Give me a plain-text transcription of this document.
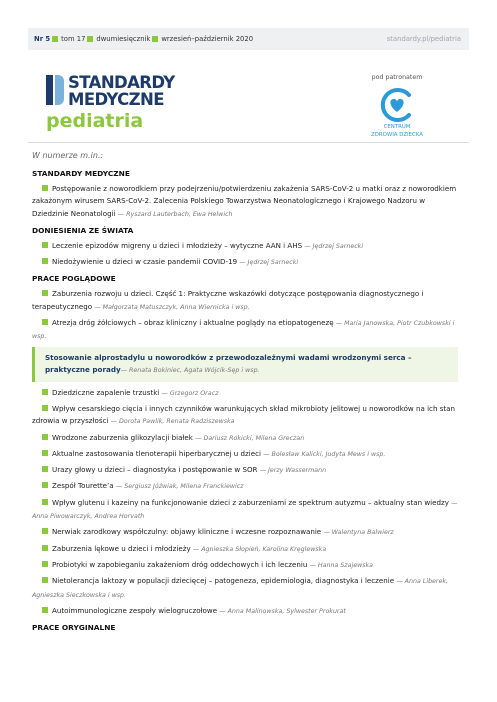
Nr 5 tom 17 dwumiesięcznik wrzesień–październik 2020	standardy.pl/pediatria
STANDARDY
MEDYCZNE
pediatria
pod patronatem
CENTRUM
ZDROWIA DZIECKA
W numerze m.in.:
STANDARDY MEDYCZNE
Postępowanie z noworodkiem przy podejrzeniu/potwierdzeniu zakażenia SARS-CoV-2 u matki oraz z noworodkiem zakażonym wirusem SARS-CoV-2. Zalecenia Polskiego Towarzystwa Neonatologicznego i Krajowego Nadzoru w Dziedzinie Neonatologii — Ryszard Lauterbach, Ewa Helwich
DONIESIENIA ZE ŚWIATA
Leczenie epizodów migreny u dzieci i młodzieży – wytyczne AAN i AHS — Jędrzej Sarnecki
Niedożywienie u dzieci w czasie pandemii COVID-19 — Jędrzej Sarnecki
PRACE POGLĄDOWE
Zaburzenia rozwoju u dzieci. Część 1: Praktyczne wskazówki dotyczące postępowania diagnostycznego i terapeutycznego — Małgorzata Matuszczyk, Anna Wiernicka i wsp.
Atrezja dróg żółciowych – obraz kliniczny i aktualne poglądy na etiopatogenezę — Maria Janowska, Piotr Czubkowski i wsp.
Stosowanie alprostadylu u noworodków z przewodozależnymi wadami wrodzonymi serca – praktyczne porady— Renata Bokiniec, Agata Wójcik-Sęp i wsp.
Dziedziczne zapalenie trzustki — Grzegorz Oracz
Wpływ cesarskiego cięcia i innych czynników warunkujących skład mikrobioty jelitowej u noworodków na ich stan zdrowia w przyszłości — Dorota Pawlik, Renata Radziszewska
Wrodzone zaburzenia glikozylacji białek — Dariusz Rokicki, Milena Greczan
Aktualne zastosowania tlenoterapii hiperbarycznej u dzieci — Bolesław Kalicki, Judyta Mews i wsp.
Urazy głowy u dzieci – diagnostyka i postępowanie w SOR — Jerzy Wassermann
Zespół Tourette’a — Sergiusz Jóźwiak, Milena Franckiewicz
Wpływ glutenu i kazeiny na funkcjonowanie dzieci z zaburzeniami ze spektrum autyzmu – aktualny stan wiedzy — Anna Piwowarczyk, Andrea Horvath
Nerwiak zarodkowy współczulny: objawy kliniczne i wczesne rozpoznawanie — Walentyna Balwierz
Zaburzenia lękowe u dzieci i młodzieży — Agnieszka Słopień, Karolina Kręglewska
Probiotyki w zapobieganiu zakażeniom dróg oddechowych i ich leczeniu — Hanna Szajewska
Nietolerancja laktozy w populacji dziecięcej – patogeneza, epidemiologia, diagnostyka i leczenie — Anna Liberek, Agnieszka Sieczkowska i wsp.
Autoimmunologiczne zespoły wielogruczołowe — Anna Malinowska, Sylwester Prokurat
PRACE ORYGINALNE
